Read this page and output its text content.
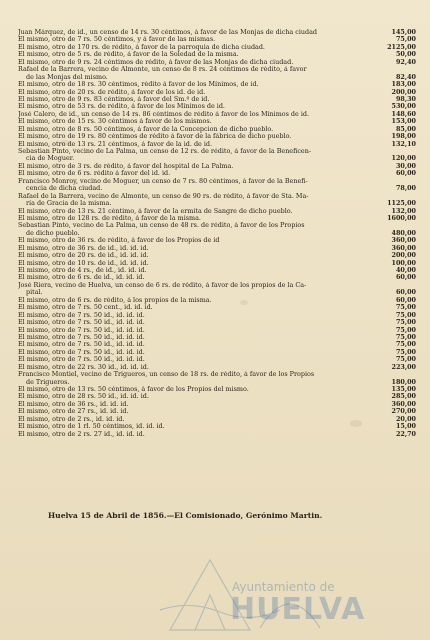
Juan Márquez, de id., un censo de 14 rs. 30 céntimos, á favor de las Monjas de dicha ciudad	145,00
El mismo, otro de 7 rs. 50 céntimos, y á favor de las mismas.	75,00
El mismo, otro de 170 rs. de rédito, á favor de la parroquia de dicha ciudad.	2125,00
El mismo, otro de 5 rs. de rédito, á favor de la Soledad de la misma.	50,00
El mismo, otro de 9 rs. 24 céntimos de rédito, á favor de las Monjas de dicha ciudad.	92,40
Rafael de la Barrera, vecino de Almonte, un censo de 8 rs. 24 céntimos de rédito, á favor
de las Monjas del mismo.	82,40
El mismo, otro de 18 rs. 30 céntimos, rédito á favor de los Mínimos, de id.	183,00
El mismo, otro de 20 rs. de rédito, á favor de los id. de id.	200,00
El mismo, otro de 9 rs. 83 céntimos, á favor del Sm.º de id.	98,30
El mismo, otro de 53 rs. de rédito, á favor de los Mínimos de id.	530,00
José Calero, de id., un censo de 14 rs. 86 céntimos de rédito á favor de los Mínimos de id.	148,60
El mismo, otro de 15 rs. 30 céntimos á favor de los mismos.	153,00
El mismo, otro de 8 rs. 50 céntimos, á favor de la Concepcion de dicho pueblo.	85,00
El mismo, otro de 19 rs. 80 céntimos de rédito á favor de la fábrica de dicho pueblo.	198,00
El mismo, otro de 13 rs. 21 céntimos, á favor de la id. de id.	132,10
Sebastian Pinto, vecino de La Palma, un censo de 12 rs. de rédito, á favor de la Beneficen-
cia de Moguer.	120,00
El mismo, otro de 3 rs. de rédito, á favor del hospital de La Palma.	30,00
El mismo, otro de 6 rs. rédito á favor del id. id.	60,00
Francisco Monroy, vecino de Moguer, un censo de 7 rs. 80 céntimos, á favor de la Benefi-
cencia de dicha ciudad.	78,00
Rafael de la Barrera, vecino de Almonte, un censo de 90 rs. de rédito, á favor de Sta. Ma-
ría de Gracia de la misma.	1125,00
El mismo, otro de 13 rs. 21 céntimo, á favor de la ermita de Sangre de dicho pueblo.	132,00
El mismo, otro de 128 rs. de rédito, á favor de la misma.	1600,00
Sebastian Pinto, vecino de La Palma, un censo de 48 rs. de rédito, á favor de los Propios
de dicho pueblo.	480,00
El mismo, otro de 36 rs. de rédito, á favor de los Propios de id	360,00
El mismo, otro de 36 rs. de id., id. id. id.	360,00
El mismo, otro de 20 rs. de id., id. id. id.	200,00
El mismo, otro de 10 rs. de id., id. id. id.	100,00
El mismo, otro de 4 rs., de id., id. id. id.	40,00
El mismo, otro de 6 rs. de id., id. id. id.	60,00
José Riera, vecino de Huelva, un censo de 6 rs. de rédito, á favor de los propios de la Ca-
pital.	60,00
El mismo, otro de 6 rs. de rédito, á los propios de la misma.	60,00
El mismo, otro de 7 rs. 50 cent., id. id. id.	75,00
El mismo, otro de 7 rs. 50 id., id. id. id.	75,00
El mismo, otro de 7 rs. 50 id., id. id. id.	75,00
El mismo, otro de 7 rs. 50 id., id. id. id.	75,00
El mismo, otro de 7 rs. 50 id., id. id. id.	75,00
El mismo, otro de 7 rs. 50 id., id. id. id.	75,00
El mismo, otro de 7 rs. 50 id., id. id. id.	75,00
El mismo, otro de 7 rs. 50 id., id. id. id.	75,00
El mismo, otro de 22 rs. 30 id., id. id. id.	223,00
Francisco Montiel, vecino de Trigueros, un censo de 18 rs. de rédito, á favor de los Propios
de Trigueros.	180,00
El mismo, otro de 13 rs. 50 céntimos, á favor de los Propios del mismo.	135,00
El mismo, otro de 28 rs. 50 id., id. id. id.	285,00
El mismo, otro de 36 rs., id. id. id.	360,00
El mismo, otro de 27 rs., id. id. id.	270,00
El mismo, otro de 2 rs., id. id. id.	20,00
El mismo, otro de 1 rl. 50 céntimos, id. id. id.	15,00
El mismo, otro de 2 rs. 27 id., id. id. id.	22,70
Huelva 15 de Abril de 1856.—El Comisionado, Gerónimo Martin.
Ayuntamiento de
HUELVA
